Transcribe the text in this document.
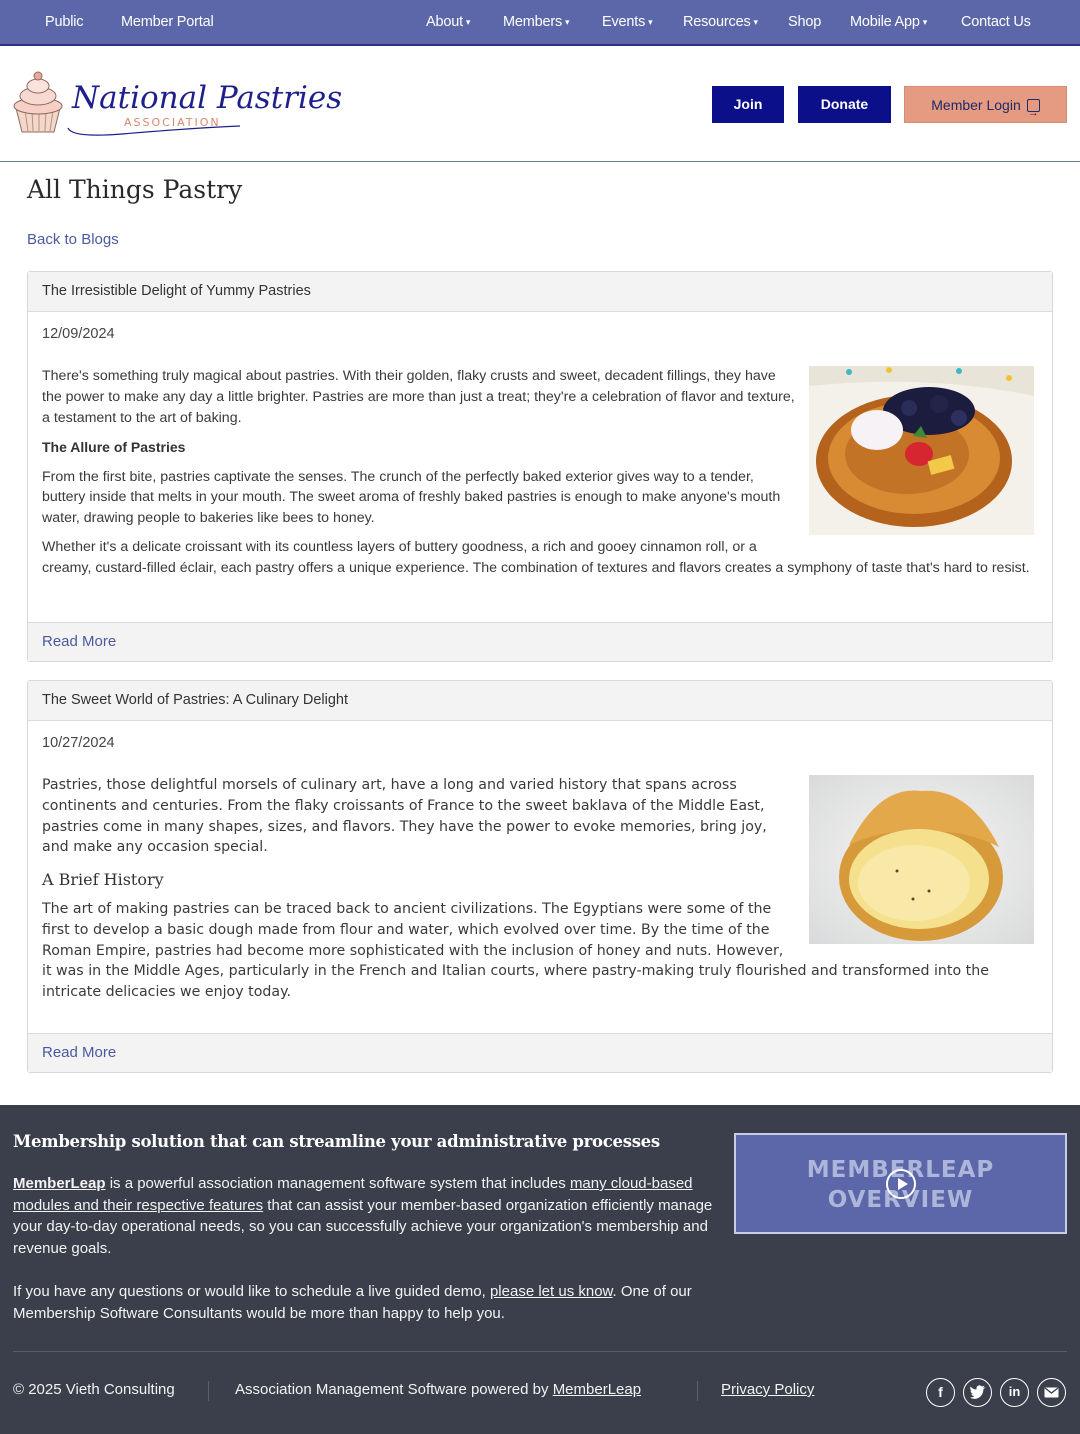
Public	Member Portal	About ▾ Members ▾ Events ▾ Resources ▾ Shop Mobile App ▾ Contact Us
National Pastries
ASSOCIATION
Join	Donate	Member Login→
All Things Pastry
Back to Blogs
The Irresistible Delight of Yummy Pastries
12/09/2024

There's something truly magical about pastries. With their golden, flaky crusts and sweet, decadent fillings, they have the power to make any day a little brighter. Pastries are more than just a treat; they're a celebration of flavor and texture, a testament to the art of baking.

The Allure of Pastries

From the first bite, pastries captivate the senses. The crunch of the perfectly baked exterior gives way to a tender, buttery inside that melts in your mouth. The sweet aroma of freshly baked pastries is enough to make anyone's mouth water, drawing people to bakeries like bees to honey.

Whether it's a delicate croissant with its countless layers of buttery goodness, a rich and gooey cinnamon roll, or a creamy, custard-filled éclair, each pastry offers a unique experience. The combination of textures and flavors creates a symphony of taste that's hard to resist.

Read More
The Sweet World of Pastries: A Culinary Delight
10/27/2024

Pastries, those delightful morsels of culinary art, have a long and varied history that spans across continents and centuries. From the flaky croissants of France to the sweet baklava of the Middle East, pastries come in many shapes, sizes, and flavors. They have the power to evoke memories, bring joy, and make any occasion special.

A Brief History

The art of making pastries can be traced back to ancient civilizations. The Egyptians were some of the first to develop a basic dough made from flour and water, which evolved over time. By the time of the Roman Empire, pastries had become more sophisticated with the inclusion of honey and nuts. However, it was in the Middle Ages, particularly in the French and Italian courts, where pastry-making truly flourished and transformed into the intricate delicacies we enjoy today.

Read More
Membership solution that can streamline your administrative processes
MemberLeap is a powerful association management software system that includes many cloud-based modules and their respective features that can assist your member-based organization efficiently manage your day-to-day operational needs, so you can successfully achieve your organization's membership and revenue goals.
If you have any questions or would like to schedule a live guided demo, please let us know. One of our Membership Software Consultants would be more than happy to help you.
MEMBERLEAP
OVERVIEW
© 2025 Vieth Consulting	Association Management Software powered by MemberLeap	Privacy Policy	f	in
